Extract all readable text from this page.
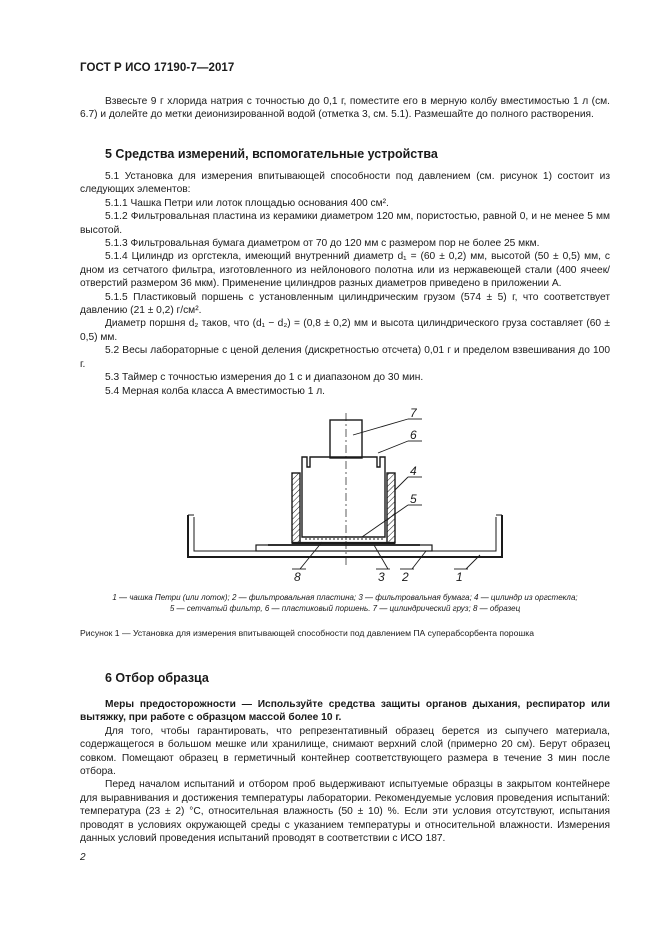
ГОСТ Р ИСО 17190-7—2017

Взвесьте 9 г хлорида натрия с точностью до 0,1 г, поместите его в мерную колбу вместимостью 1 л (см. 6.7) и долейте до метки деионизированной водой (отметка 3, см. 5.1). Размешайте до полного растворения.

5 Средства измерений, вспомогательные устройства

5.1 Установка для измерения впитывающей способности под давлением (см. рисунок 1) состоит из следующих элементов:

5.1.1 Чашка Петри или лоток площадью основания 400 см².

5.1.2 Фильтровальная пластина из керамики диаметром 120 мм, пористостью, равной 0, и не менее 5 мм высотой.

5.1.3 Фильтровальная бумага диаметром от 70 до 120 мм с размером пор не более 25 мкм.

5.1.4 Цилиндр из оргстекла, имеющий внутренний диаметр d₁ = (60 ± 0,2) мм, высотой (50 ± 0,5) мм, с дном из сетчатого фильтра, изготовленного из нейлонового полотна или из нержавеющей стали (400 ячеек/отверстий размером 36 мкм). Применение цилиндров разных диаметров приведено в приложении А.

5.1.5 Пластиковый поршень с установленным цилиндрическим грузом (574 ± 5) г, что соответствует давлению (21 ± 0,2) г/см².

Диаметр поршня d₂ таков, что (d₁ − d₂) = (0,8 ± 0,2) мм и высота цилиндрического груза составляет (60 ± 0,5) мм.

5.2 Весы лабораторные с ценой деления (дискретностью отсчета) 0,01 г и пределом взвешивания до 100 г.

5.3 Таймер с точностью измерения до 1 с и диапазоном до 30 мин.

5.4 Мерная колба класса А вместимостью 1 л.

7
6
4
5
8	3 2	1
1 — чашка Петри (или лоток); 2 — фильтровальная пластина; 3 — фильтровальная бумага; 4 — цилиндр из оргстекла;
5 — сетчатый фильтр, 6 — пластиковый поршень. 7 — цилиндрический груз; 8 — образец
Рисунок 1 — Установка для измерения впитывающей способности под давлением ПА суперабсорбента порошка
6 Отбор образца

Меры предосторожности — Используйте средства защиты органов дыхания, респиратор или вытяжку, при работе с образцом массой более 10 г.

Для того, чтобы гарантировать, что репрезентативный образец берется из сыпучего материала, содержащегося в большом мешке или хранилище, снимают верхний слой (примерно 20 см). Берут образец совком. Помещают образец в герметичный контейнер соответствующего размера в течение 3 мин после отбора.

Перед началом испытаний и отбором проб выдерживают испытуемые образцы в закрытом контейнере для выравнивания и достижения температуры лаборатории. Рекомендуемые условия проведения испытаний: температура (23 ± 2) °С, относительная влажность (50 ± 10) %. Если эти условия отсутствуют, испытания проводят в условиях окружающей среды с указанием температуры и относительной влажности. Измерения данных условий проведения испытаний проводят в соответствии с ИСО 187.

2
